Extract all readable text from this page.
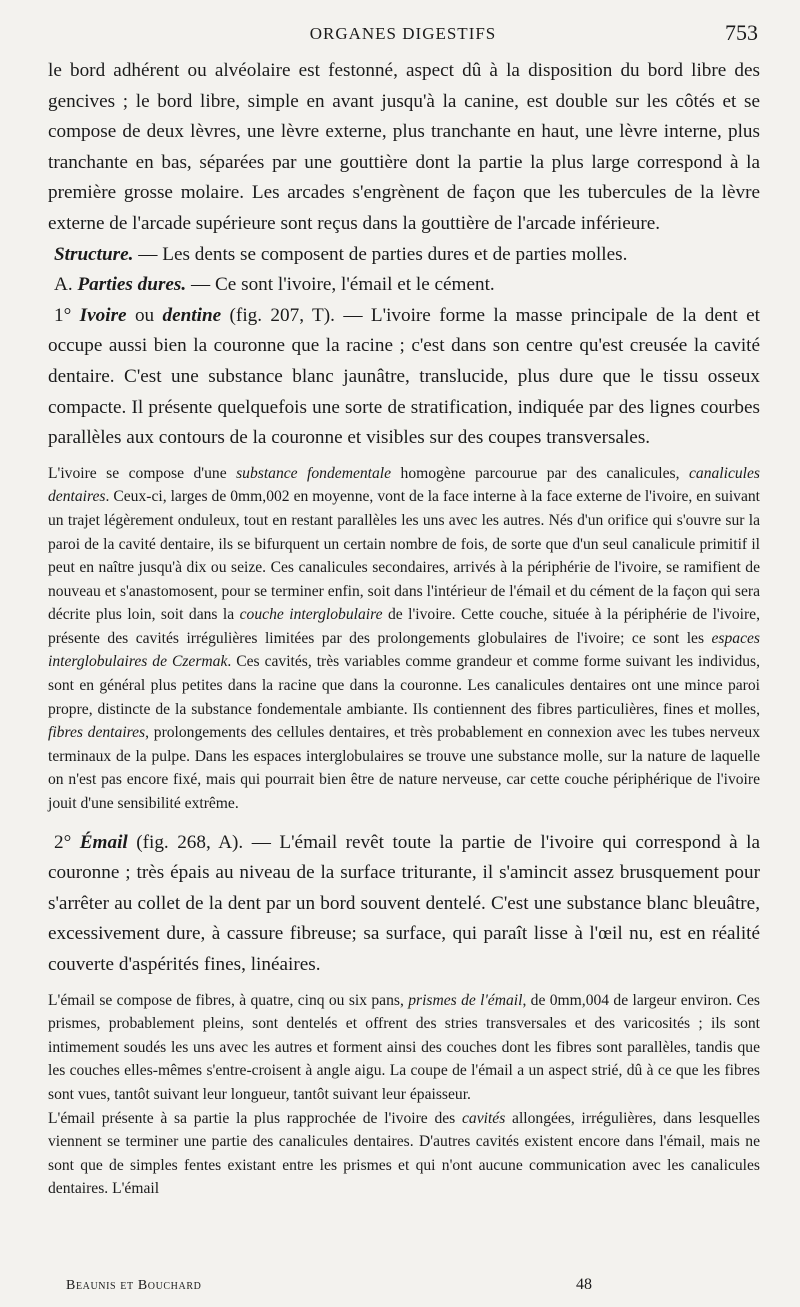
ORGANES DIGESTIFS	753

le bord adhérent ou alvéolaire est festonné, aspect dû à la disposition du bord libre des gencives ; le bord libre, simple en avant jusqu'à la canine, est double sur les côtés et se compose de deux lèvres, une lèvre externe, plus tranchante en haut, une lèvre interne, plus tranchante en bas, séparées par une gouttière dont la partie la plus large correspond à la première grosse molaire. Les arcades s'engrènent de façon que les tubercules de la lèvre externe de l'arcade supérieure sont reçus dans la gouttière de l'arcade inférieure.

Structure. — Les dents se composent de parties dures et de parties molles.

A. Parties dures. — Ce sont l'ivoire, l'émail et le cément.

1° Ivoire ou dentine (fig. 207, T). — L'ivoire forme la masse principale de la dent et occupe aussi bien la couronne que la racine ; c'est dans son centre qu'est creusée la cavité dentaire. C'est une substance blanc jaunâtre, translucide, plus dure que le tissu osseux compacte. Il présente quelquefois une sorte de stratification, indiquée par des lignes courbes parallèles aux contours de la couronne et visibles sur des coupes transversales.

L'ivoire se compose d'une substance fondementale homogène parcourue par des canalicules, canalicules dentaires. Ceux-ci, larges de 0mm,002 en moyenne, vont de la face interne à la face externe de l'ivoire, en suivant un trajet légèrement onduleux, tout en restant parallèles les uns avec les autres. Nés d'un orifice qui s'ouvre sur la paroi de la cavité dentaire, ils se bifurquent un certain nombre de fois, de sorte que d'un seul canalicule primitif il peut en naître jusqu'à dix ou seize. Ces canalicules secondaires, arrivés à la périphérie de l'ivoire, se ramifient de nouveau et s'anastomosent, pour se terminer enfin, soit dans l'intérieur de l'émail et du cément de la façon qui sera décrite plus loin, soit dans la couche interglobulaire de l'ivoire. Cette couche, située à la périphérie de l'ivoire, présente des cavités irrégulières limitées par des prolongements globulaires de l'ivoire; ce sont les espaces interglobulaires de Czermak. Ces cavités, très variables comme grandeur et comme forme suivant les individus, sont en général plus petites dans la racine que dans la couronne. Les canalicules dentaires ont une mince paroi propre, distincte de la substance fondementale ambiante. Ils contiennent des fibres particulières, fines et molles, fibres dentaires, prolongements des cellules dentaires, et très probablement en connexion avec les tubes nerveux terminaux de la pulpe. Dans les espaces interglobulaires se trouve une substance molle, sur la nature de laquelle on n'est pas encore fixé, mais qui pourrait bien être de nature nerveuse, car cette couche périphérique de l'ivoire jouit d'une sensibilité extrême.

2° Émail (fig. 268, A). — L'émail revêt toute la partie de l'ivoire qui correspond à la couronne ; très épais au niveau de la surface triturante, il s'amincit assez brusquement pour s'arrêter au collet de la dent par un bord souvent dentelé. C'est une substance blanc bleuâtre, excessivement dure, à cassure fibreuse; sa surface, qui paraît lisse à l'œil nu, est en réalité couverte d'aspérités fines, linéaires.

L'émail se compose de fibres, à quatre, cinq ou six pans, prismes de l'émail, de 0mm,004 de largeur environ. Ces prismes, probablement pleins, sont dentelés et offrent des stries transversales et des varicosités ; ils sont intimement soudés les uns avec les autres et forment ainsi des couches dont les fibres sont parallèles, tandis que les couches elles-mêmes s'entre-croisent à angle aigu. La coupe de l'émail a un aspect strié, dû à ce que les fibres sont vues, tantôt suivant leur longueur, tantôt suivant leur épaisseur.

L'émail présente à sa partie la plus rapprochée de l'ivoire des cavités allongées, irrégulières, dans lesquelles viennent se terminer une partie des canalicules dentaires. D'autres cavités existent encore dans l'émail, mais ne sont que de simples fentes existant entre les prismes et qui n'ont aucune communication avec les canalicules dentaires. L'émail

Beaunis et Bouchard	48
